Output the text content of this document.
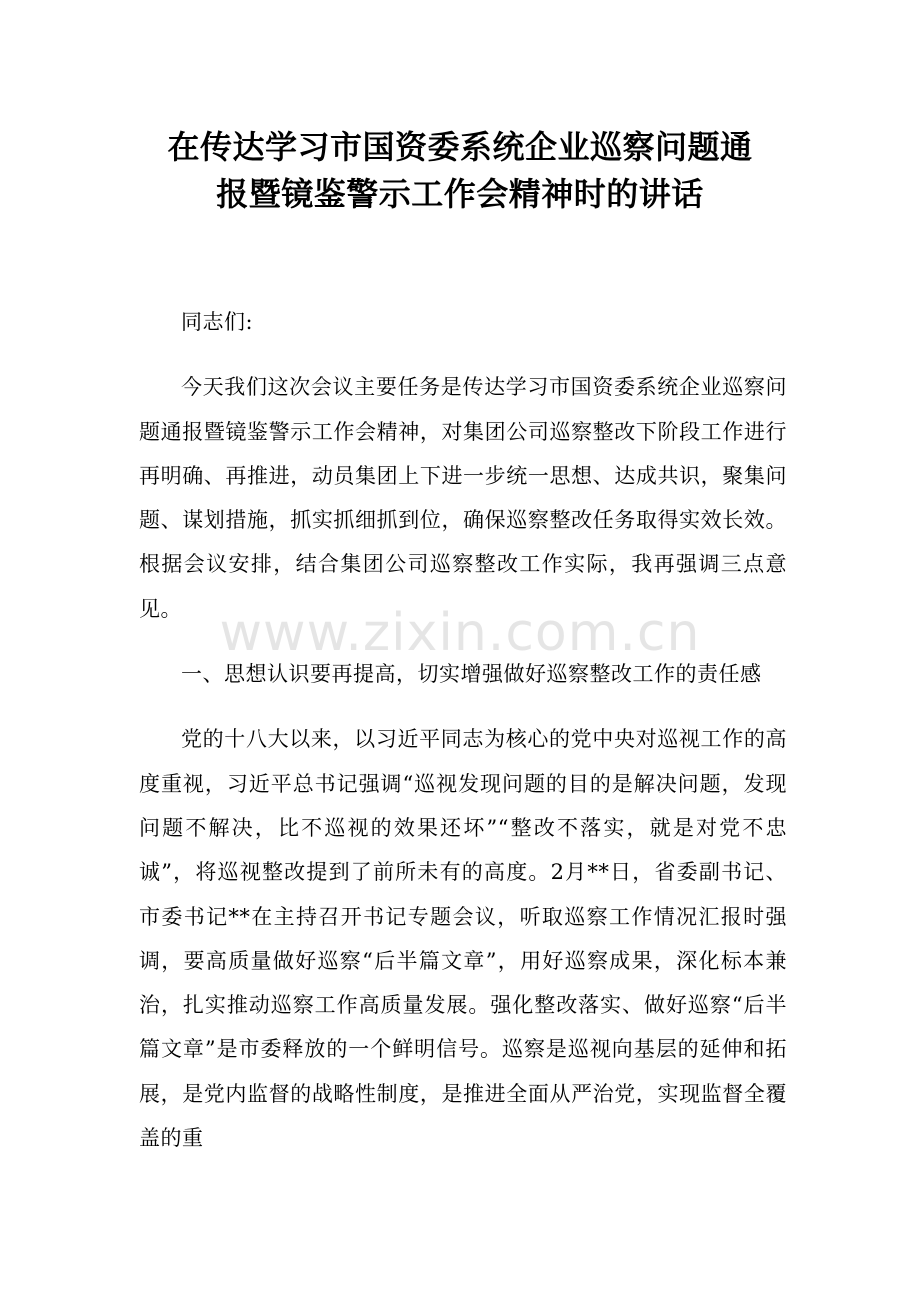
在传达学习市国资委系统企业巡察问题通
报暨镜鉴警示工作会精神时的讲话

同志们:

今天我们这次会议主要任务是传达学习市国资委系统企业巡察问题通报暨镜鉴警示工作会精神，对集团公司巡察整改下阶段工作进行再明确、再推进，动员集团上下进一步统一思想、达成共识，聚集问题、谋划措施，抓实抓细抓到位，确保巡察整改任务取得实效长效。根据会议安排，结合集团公司巡察整改工作实际，我再强调三点意见。

一、思想认识要再提高，切实增强做好巡察整改工作的责任感

党的十八大以来，以习近平同志为核心的党中央对巡视工作的高度重视，习近平总书记强调“巡视发现问题的目的是解决问题，发现问题不解决，比不巡视的效果还坏”“整改不落实，就是对党不忠诚”，将巡视整改提到了前所未有的高度。2月**日，省委副书记、市委书记**在主持召开书记专题会议，听取巡察工作情况汇报时强调，要高质量做好巡察“后半篇文章”，用好巡察成果，深化标本兼治，扎实推动巡察工作高质量发展。强化整改落实、做好巡察“后半篇文章”是市委释放的一个鲜明信号。巡察是巡视向基层的延伸和拓展，是党内监督的战略性制度，是推进全面从严治党，实现监督全覆盖的重

www.zixin.com.cn
